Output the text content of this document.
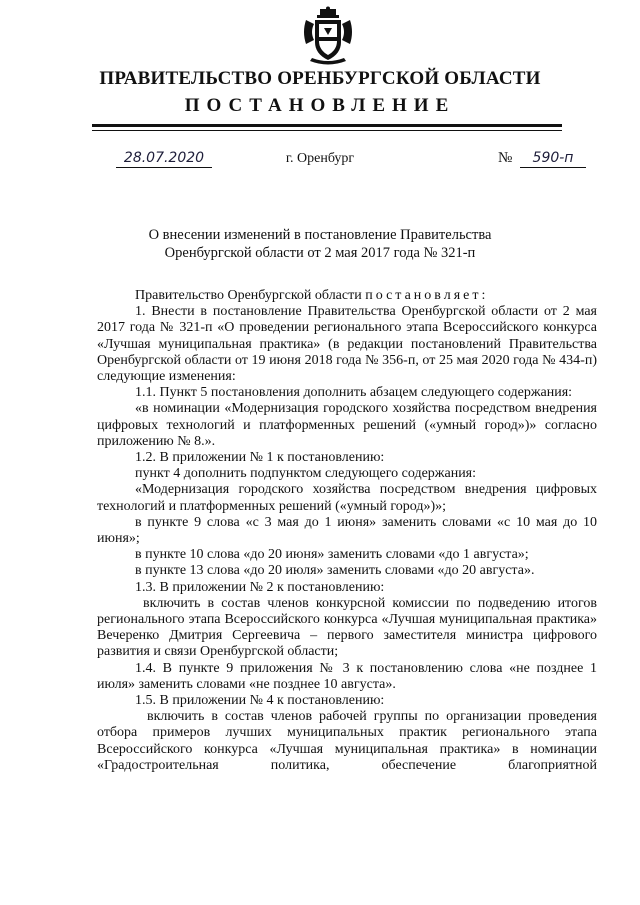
ПРАВИТЕЛЬСТВО ОРЕНБУРГСКОЙ ОБЛАСТИ
ПОСТАНОВЛЕНИЕ
28.07.2020	г. Оренбург	№	590-п
О внесении изменений в постановление Правительства
Оренбургской области от 2 мая 2017 года № 321-п

Правительство Оренбургской области постановляет:

1. Внести в постановление Правительства Оренбургской области от 2 мая 2017 года № 321-п «О проведении регионального этапа Всероссийского конкурса «Лучшая муниципальная практика» (в редакции постановлений Правительства Оренбургской области от 19 июня 2018 года № 356-п, от 25 мая 2020 года № 434-п) следующие изменения:

1.1. Пункт 5 постановления дополнить абзацем следующего содержания:

«в номинации «Модернизация городского хозяйства посредством внедрения цифровых технологий и платформенных решений («умный город»)» согласно приложению № 8.».

1.2. В приложении № 1 к постановлению:

пункт 4 дополнить подпунктом следующего содержания:

«Модернизация городского хозяйства посредством внедрения цифровых технологий и платформенных решений («умный город»)»;

в пункте 9 слова «с 3 мая до 1 июня» заменить словами «с 10 мая до 10 июня»;

в пункте 10 слова «до 20 июня» заменить словами «до 1 августа»;

в пункте 13 слова «до 20 июля» заменить словами «до 20 августа».

1.3. В приложении № 2 к постановлению:

включить в состав членов конкурсной комиссии по подведению итогов регионального этапа Всероссийского конкурса «Лучшая муниципальная практика» Вечеренко Дмитрия Сергеевича – первого заместителя министра цифрового развития и связи Оренбургской области;

1.4. В пункте 9 приложения № 3 к постановлению слова «не позднее 1 июля» заменить словами «не позднее 10 августа».

1.5. В приложении № 4 к постановлению:

включить в состав членов рабочей группы по организации проведения отбора примеров лучших муниципальных практик регионального этапа Всероссийского конкурса «Лучшая муниципальная практика» в номинации «Градостроительная политика, обеспечение благоприятной
